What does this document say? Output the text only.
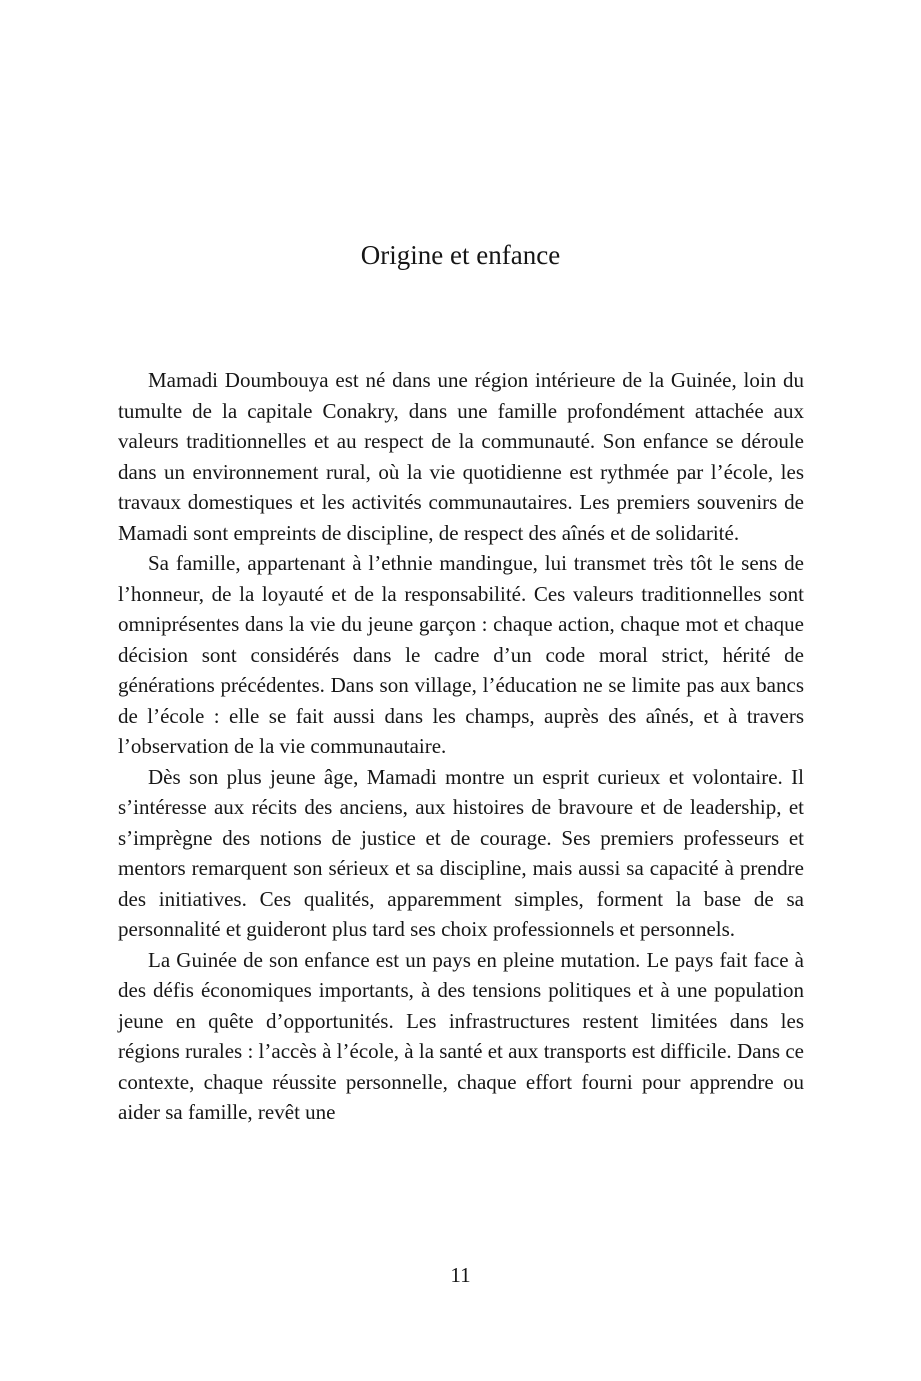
Origine et enfance

Mamadi Doumbouya est né dans une région intérieure de la Guinée, loin du tumulte de la capitale Conakry, dans une famille profondément attachée aux valeurs traditionnelles et au respect de la communauté. Son enfance se déroule dans un environnement rural, où la vie quotidienne est rythmée par l’école, les travaux domestiques et les activités communautaires. Les premiers souvenirs de Mamadi sont empreints de discipline, de respect des aînés et de solidarité.

Sa famille, appartenant à l’ethnie mandingue, lui transmet très tôt le sens de l’honneur, de la loyauté et de la responsabilité. Ces valeurs traditionnelles sont omniprésentes dans la vie du jeune garçon : chaque action, chaque mot et chaque décision sont considérés dans le cadre d’un code moral strict, hérité de générations précédentes. Dans son village, l’éducation ne se limite pas aux bancs de l’école : elle se fait aussi dans les champs, auprès des aînés, et à travers l’observation de la vie communautaire.

Dès son plus jeune âge, Mamadi montre un esprit curieux et volontaire. Il s’intéresse aux récits des anciens, aux histoires de bravoure et de leadership, et s’imprègne des notions de justice et de courage. Ses premiers professeurs et mentors remarquent son sérieux et sa discipline, mais aussi sa capacité à prendre des initiatives. Ces qualités, apparemment simples, forment la base de sa personnalité et guideront plus tard ses choix professionnels et personnels.

La Guinée de son enfance est un pays en pleine mutation. Le pays fait face à des défis économiques importants, à des tensions politiques et à une population jeune en quête d’opportunités. Les infrastructures restent limitées dans les régions rurales : l’accès à l’école, à la santé et aux transports est difficile. Dans ce contexte, chaque réussite personnelle, chaque effort fourni pour apprendre ou aider sa famille, revêt une

11
